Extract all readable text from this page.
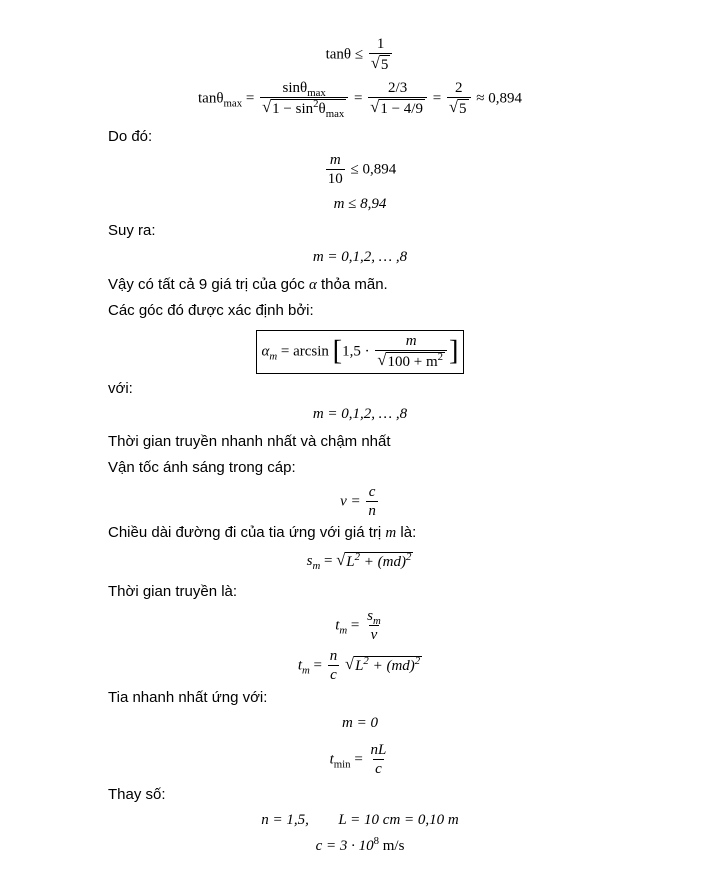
$\tan\theta \le \frac{1}{√ 5}$
$\tan\theta_{max} = \frac{\sin\theta_{max}}{√ 1 - \sin^2\theta_{max}} = \frac{2/3}{√ 1 - 4/9} = \frac{2}{√ 5} \approx 0,894$
Do đó:
$\frac{m}{10} \le 0,894$
m ≤ 8,94
Suy ra:
m = 0,1,2, … ,8
Vậy có tất cả 9 giá trị của góc α thỏa mãn.
Các góc đó được xác định bởi:
$\alpha_m = \arcsin [1,5 \cdot \frac{m}{√ 100 + m^2}$ ]
với:
m = 0,1,2, … ,8
Thời gian truyền nhanh nhất và chậm nhất
Vận tốc ánh sáng trong cáp:
$v = \frac{c}{n}$
Chiều dài đường đi của tia ứng với giá trị m là:
$s_m$ = √ $L^2 + (md)^2$
Thời gian truyền là:
$t_m = \frac{s_m}{v}$
$t_m = \frac{n}{c}$
√ $L^2 + (md)^2$
Tia nhanh nhất ứng với:
m = 0
$t_{min} = \frac{nL}{c}$
Thay số:
n = 1,5, L = 10 cm = 0,10 m
$c = 3 \cdot 10^8$ m/s
